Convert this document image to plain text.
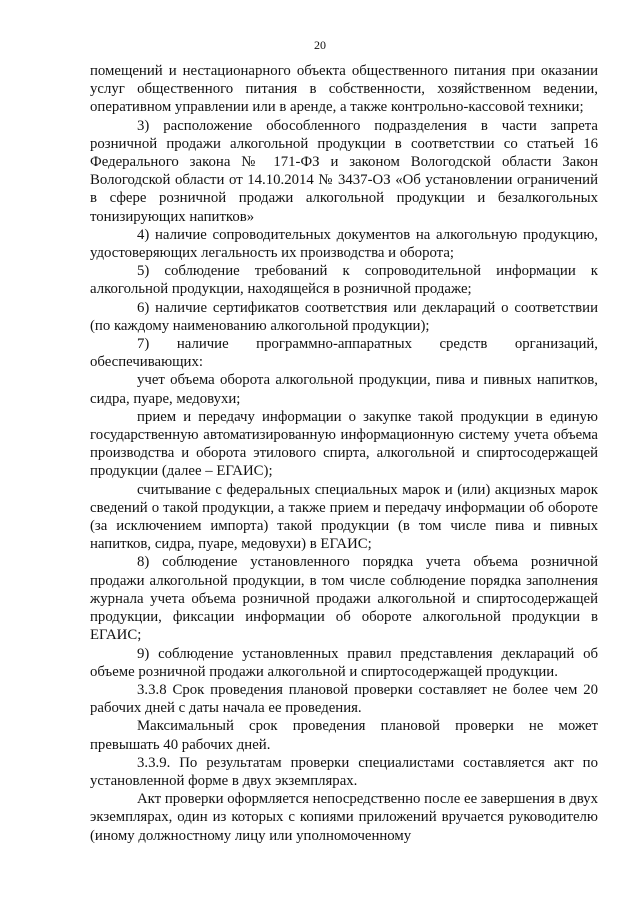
20

помещений и нестационарного объекта общественного питания при оказании услуг общественного питания в собственности, хозяйственном ведении, оперативном управлении или в аренде, а также контрольно-кассовой техники;

3) расположение обособленного подразделения в части запрета розничной продажи алкогольной продукции в соответствии со статьей 16 Федерального закона № 171-ФЗ и законом Вологодской области Закон Вологодской области от 14.10.2014 № 3437-ОЗ «Об установлении ограничений в сфере розничной продажи алкогольной продукции и безалкогольных тонизирующих напитков»

4) наличие сопроводительных документов на алкогольную продукцию, удостоверяющих легальность их производства и оборота;

5) соблюдение требований к сопроводительной информации к алкогольной продукции, находящейся в розничной продаже;

6) наличие сертификатов соответствия или деклараций о соответствии (по каждому наименованию алкогольной продукции);

7) наличие программно-аппаратных средств организаций, обеспечивающих:

учет объема оборота алкогольной продукции, пива и пивных напитков, сидра, пуаре, медовухи;

прием и передачу информации о закупке такой продукции в единую государственную автоматизированную информационную систему учета объема производства и оборота этилового спирта, алкогольной и спиртосодержащей продукции (далее – ЕГАИС);

считывание с федеральных специальных марок и (или) акцизных марок сведений о такой продукции, а также прием и передачу информации об обороте (за исключением импорта) такой продукции (в том числе пива и пивных напитков, сидра, пуаре, медовухи) в ЕГАИС;

8) соблюдение установленного порядка учета объема розничной продажи алкогольной продукции, в том числе соблюдение порядка заполнения журнала учета объема розничной продажи алкогольной и спиртосодержащей продукции, фиксации информации об обороте алкогольной продукции в ЕГАИС;

9) соблюдение установленных правил представления деклараций об объеме розничной продажи алкогольной и спиртосодержащей продукции.

3.3.8 Срок проведения плановой проверки составляет не более чем 20 рабочих дней с даты начала ее проведения.

Максимальный срок проведения плановой проверки не может превышать 40 рабочих дней.

3.3.9. По результатам проверки специалистами составляется акт по установленной форме в двух экземплярах.

Акт проверки оформляется непосредственно после ее завершения в двух экземплярах, один из которых с копиями приложений вручается руководителю (иному должностному лицу или уполномоченному
